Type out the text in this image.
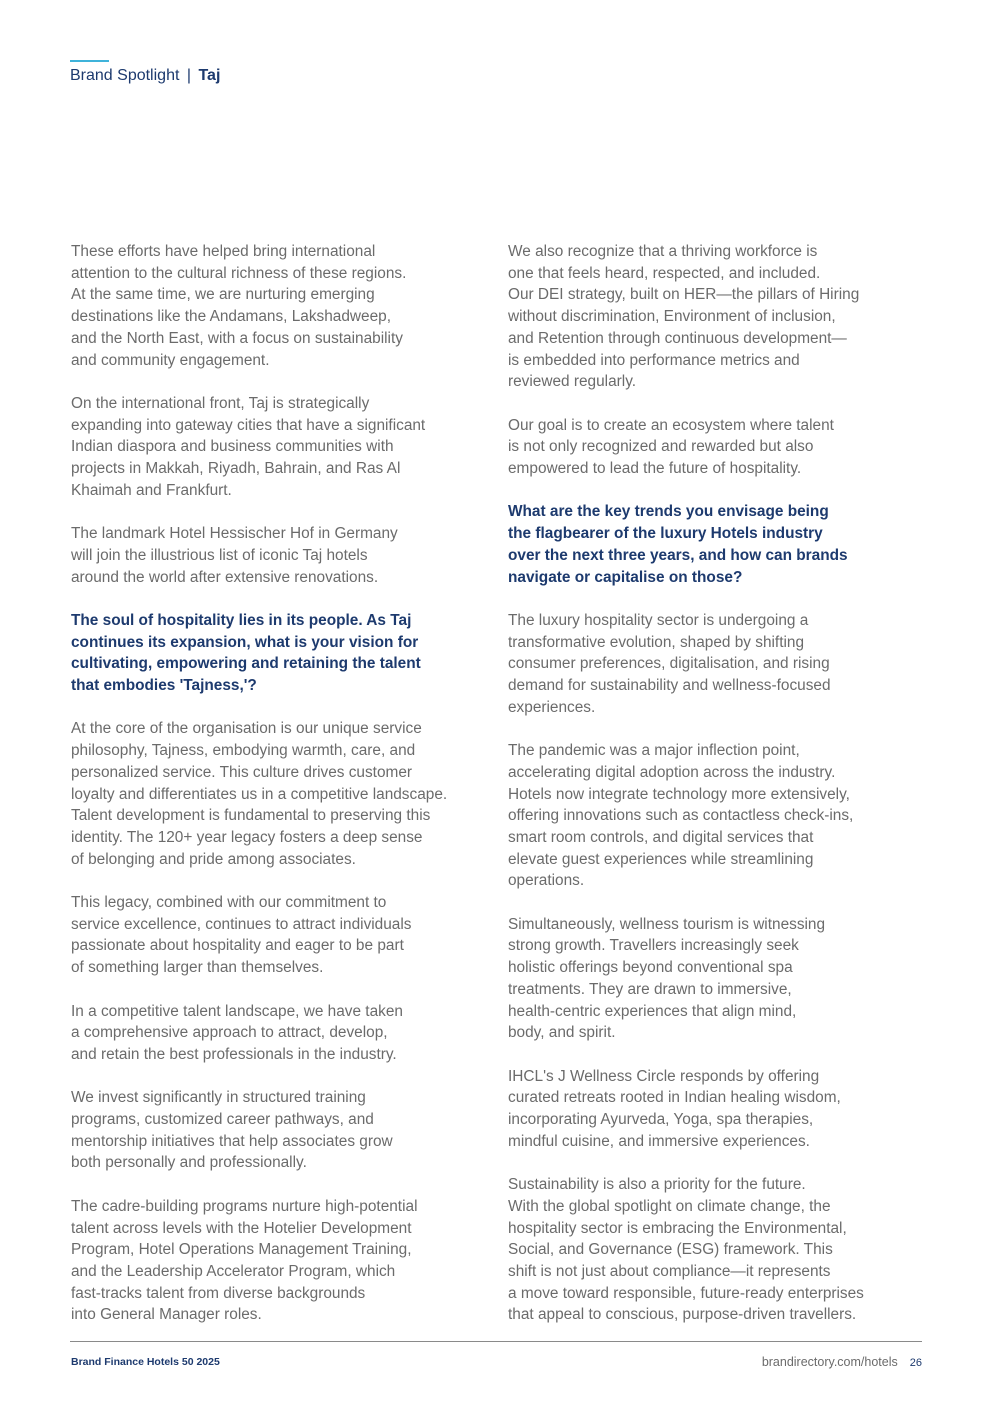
Brand Spotlight | Taj

These efforts have helped bring international
attention to the cultural richness of these regions.
At the same time, we are nurturing emerging
destinations like the Andamans, Lakshadweep,
and the North East, with a focus on sustainability
and community engagement.

On the international front, Taj is strategically
expanding into gateway cities that have a significant
Indian diaspora and business communities with
projects in Makkah, Riyadh, Bahrain, and Ras Al
Khaimah and Frankfurt.

The landmark Hotel Hessischer Hof in Germany
will join the illustrious list of iconic Taj hotels
around the world after extensive renovations.

The soul of hospitality lies in its people. As Taj
continues its expansion, what is your vision for
cultivating, empowering and retaining the talent
that embodies 'Tajness,'?

At the core of the organisation is our unique service
philosophy, Tajness, embodying warmth, care, and
personalized service. This culture drives customer
loyalty and differentiates us in a competitive landscape.
Talent development is fundamental to preserving this
identity. The 120+ year legacy fosters a deep sense
of belonging and pride among associates.

This legacy, combined with our commitment to
service excellence, continues to attract individuals
passionate about hospitality and eager to be part
of something larger than themselves.

In a competitive talent landscape, we have taken
a comprehensive approach to attract, develop,
and retain the best professionals in the industry.

We invest significantly in structured training
programs, customized career pathways, and
mentorship initiatives that help associates grow
both personally and professionally.

The cadre-building programs nurture high-potential
talent across levels with the Hotelier Development
Program, Hotel Operations Management Training,
and the Leadership Accelerator Program, which
fast-tracks talent from diverse backgrounds
into General Manager roles.

We also recognize that a thriving workforce is
one that feels heard, respected, and included.
Our DEI strategy, built on HER—the pillars of Hiring
without discrimination, Environment of inclusion,
and Retention through continuous development—
is embedded into performance metrics and
reviewed regularly.

Our goal is to create an ecosystem where talent
is not only recognized and rewarded but also
empowered to lead the future of hospitality.

What are the key trends you envisage being
the flagbearer of the luxury Hotels industry
over the next three years, and how can brands
navigate or capitalise on those?

The luxury hospitality sector is undergoing a
transformative evolution, shaped by shifting
consumer preferences, digitalisation, and rising
demand for sustainability and wellness-focused
experiences.

The pandemic was a major inflection point,
accelerating digital adoption across the industry.
Hotels now integrate technology more extensively,
offering innovations such as contactless check-ins,
smart room controls, and digital services that
elevate guest experiences while streamlining
operations.

Simultaneously, wellness tourism is witnessing
strong growth. Travellers increasingly seek
holistic offerings beyond conventional spa
treatments. They are drawn to immersive,
health-centric experiences that align mind,
body, and spirit.

IHCL's J Wellness Circle responds by offering
curated retreats rooted in Indian healing wisdom,
incorporating Ayurveda, Yoga, spa therapies,
mindful cuisine, and immersive experiences.

Sustainability is also a priority for the future.
With the global spotlight on climate change, the
hospitality sector is embracing the Environmental,
Social, and Governance (ESG) framework. This
shift is not just about compliance—it represents
a move toward responsible, future-ready enterprises
that appeal to conscious, purpose-driven travellers.

Brand Finance Hotels 50 2025	brandirectory.com/hotels 26
